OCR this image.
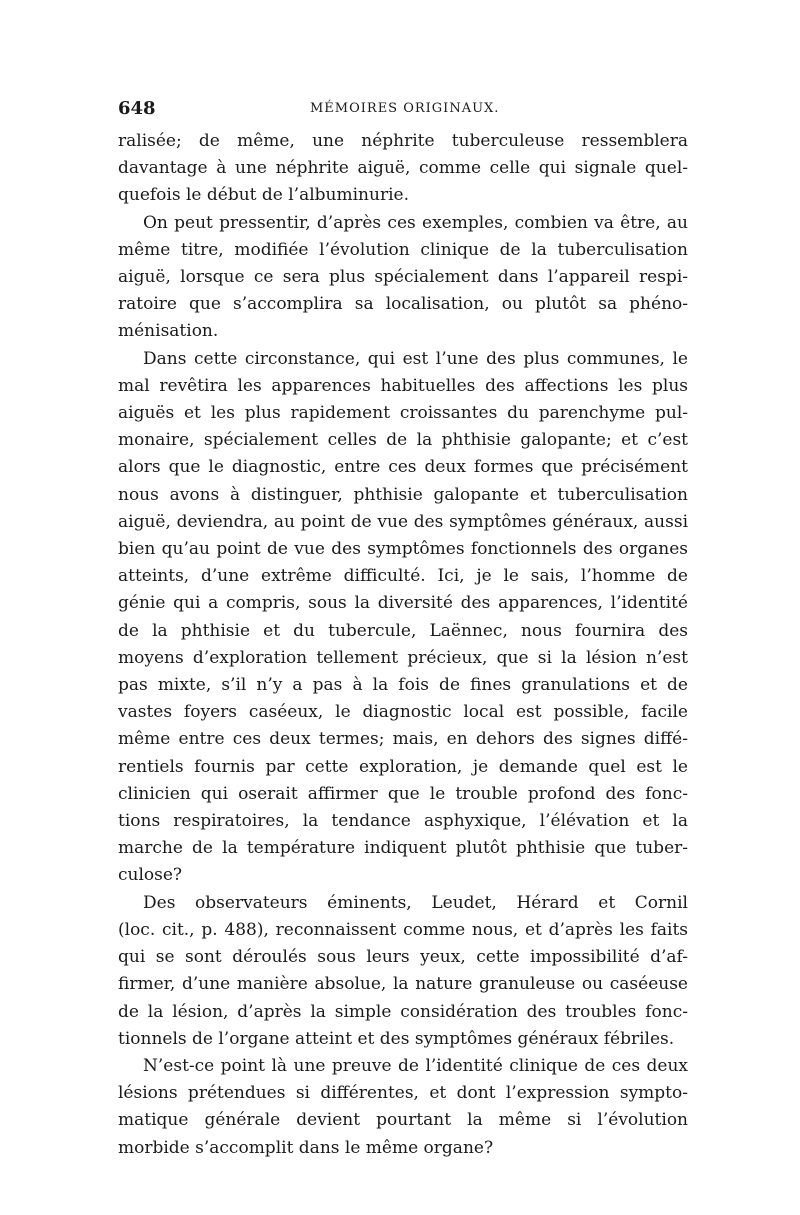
648	MÉMOIRES ORIGINAUX.

ralisée; de même, une néphrite tuberculeuse ressemblera
davantage à une néphrite aiguë, comme celle qui signale quel-
quefois le début de l’albuminurie.

On peut pressentir, d’après ces exemples, combien va être, au
même titre, modifiée l’évolution clinique de la tuberculisation
aiguë, lorsque ce sera plus spécialement dans l’appareil respi-
ratoire que s’accomplira sa localisation, ou plutôt sa phéno-
ménisation.

Dans cette circonstance, qui est l’une des plus communes, le
mal revêtira les apparences habituelles des affections les plus
aiguës et les plus rapidement croissantes du parenchyme pul-
monaire, spécialement celles de la phthisie galopante; et c’est
alors que le diagnostic, entre ces deux formes que précisément
nous avons à distinguer, phthisie galopante et tuberculisation
aiguë, deviendra, au point de vue des symptômes généraux, aussi
bien qu’au point de vue des symptômes fonctionnels des organes
atteints, d’une extrême difficulté. Ici, je le sais, l’homme de
génie qui a compris, sous la diversité des apparences, l’identité
de la phthisie et du tubercule, Laënnec, nous fournira des
moyens d’exploration tellement précieux, que si la lésion n’est
pas mixte, s’il n’y a pas à la fois de fines granulations et de
vastes foyers caséeux, le diagnostic local est possible, facile
même entre ces deux termes; mais, en dehors des signes diffé-
rentiels fournis par cette exploration, je demande quel est le
clinicien qui oserait affirmer que le trouble profond des fonc-
tions respiratoires, la tendance asphyxique, l’élévation et la
marche de la température indiquent plutôt phthisie que tuber-
culose?

Des observateurs éminents, Leudet, Hérard et Cornil
(loc. cit., p. 488), reconnaissent comme nous, et d’après les faits
qui se sont déroulés sous leurs yeux, cette impossibilité d’af-
firmer, d’une manière absolue, la nature granuleuse ou caséeuse
de la lésion, d’après la simple considération des troubles fonc-
tionnels de l’organe atteint et des symptômes généraux fébriles.

N’est-ce point là une preuve de l’identité clinique de ces deux
lésions prétendues si différentes, et dont l’expression sympto-
matique générale devient pourtant la même si l’évolution
morbide s’accomplit dans le même organe?
